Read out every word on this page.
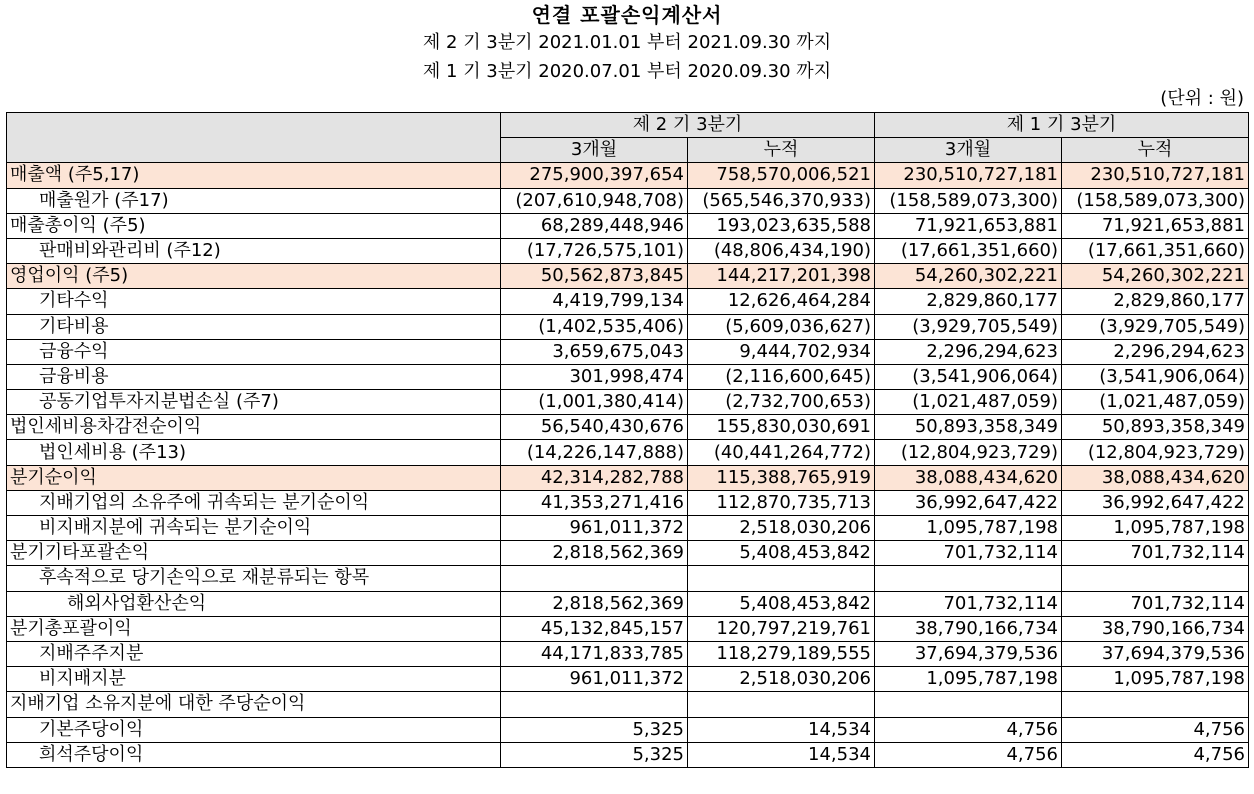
연결 포괄손익계산서
제 2 기 3분기 2021.01.01 부터 2021.09.30 까지
제 1 기 3분기 2020.07.01 부터 2020.09.30 까지
(단위 : 원)
	제 2 기 3분기		제 1 기 3분기	
	3개월	누적	3개월	누적
매출액 (주5,17)	275,900,397,654	758,570,006,521	230,510,727,181	230,510,727,181
매출원가 (주17)	(207,610,948,708)	(565,546,370,933)	(158,589,073,300)	(158,589,073,300)
매출총이익 (주5)	68,289,448,946	193,023,635,588	71,921,653,881	71,921,653,881
판매비와관리비 (주12)	(17,726,575,101)	(48,806,434,190)	(17,661,351,660)	(17,661,351,660)
영업이익 (주5)	50,562,873,845	144,217,201,398	54,260,302,221	54,260,302,221
기타수익	4,419,799,134	12,626,464,284	2,829,860,177	2,829,860,177
기타비용	(1,402,535,406)	(5,609,036,627)	(3,929,705,549)	(3,929,705,549)
금융수익	3,659,675,043	9,444,702,934	2,296,294,623	2,296,294,623
금융비용	301,998,474	(2,116,600,645)	(3,541,906,064)	(3,541,906,064)
공동기업투자지분법손실 (주7)	(1,001,380,414)	(2,732,700,653)	(1,021,487,059)	(1,021,487,059)
법인세비용차감전순이익	56,540,430,676	155,830,030,691	50,893,358,349	50,893,358,349
법인세비용 (주13)	(14,226,147,888)	(40,441,264,772)	(12,804,923,729)	(12,804,923,729)
분기순이익	42,314,282,788	115,388,765,919	38,088,434,620	38,088,434,620
지배기업의 소유주에 귀속되는 분기순이익	41,353,271,416	112,870,735,713	36,992,647,422	36,992,647,422
비지배지분에 귀속되는 분기순이익	961,011,372	2,518,030,206	1,095,787,198	1,095,787,198
분기기타포괄손익	2,818,562,369	5,408,453,842	701,732,114	701,732,114
후속적으로 당기손익으로 재분류되는 항목				
해외사업환산손익	2,818,562,369	5,408,453,842	701,732,114	701,732,114
분기총포괄이익	45,132,845,157	120,797,219,761	38,790,166,734	38,790,166,734
지배주주지분	44,171,833,785	118,279,189,555	37,694,379,536	37,694,379,536
비지배지분	961,011,372	2,518,030,206	1,095,787,198	1,095,787,198
지배기업 소유지분에 대한 주당순이익				
기본주당이익	5,325	14,534	4,756	4,756
희석주당이익	5,325	14,534	4,756	4,756
